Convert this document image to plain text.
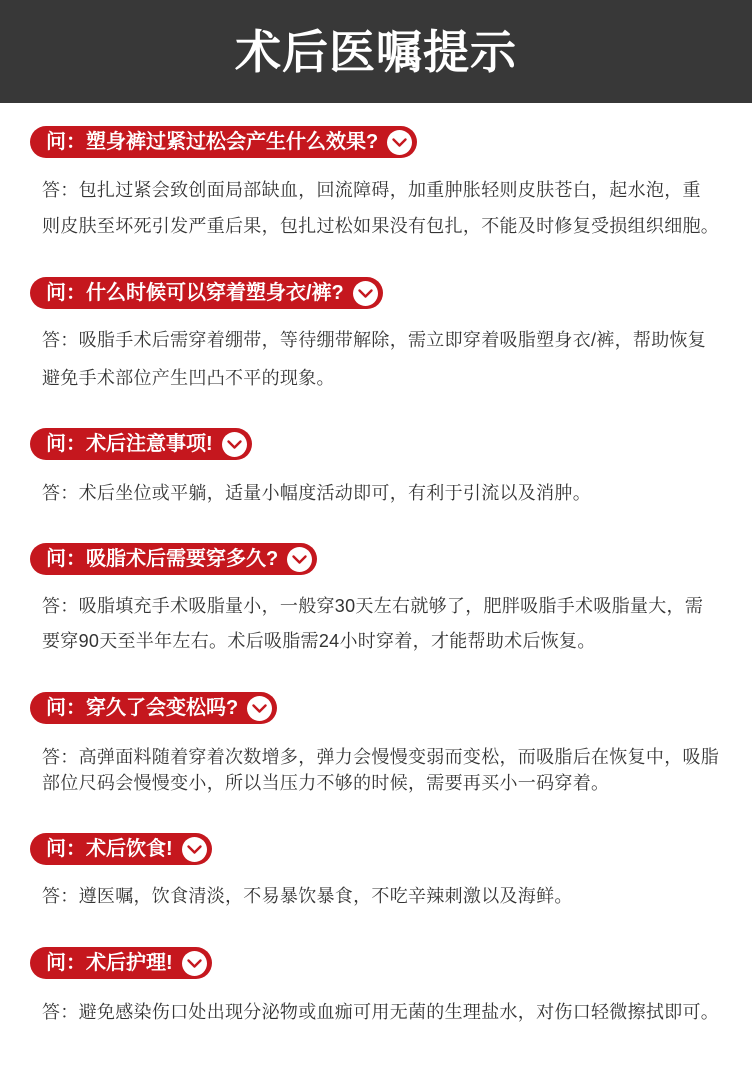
术后医嘱提示
问：塑身裤过紧过松会产生什么效果?
答：包扎过紧会致创面局部缺血，回流障碍，加重肿胀轻则皮肤苍白，起水泡，重
则皮肤至坏死引发严重后果，包扎过松如果没有包扎，不能及时修复受损组织细胞。
问：什么时候可以穿着塑身衣/裤?
答：吸脂手术后需穿着绷带，等待绷带解除，需立即穿着吸脂塑身衣/裤，帮助恢复
避免手术部位产生凹凸不平的现象。
问：术后注意事项!
答：术后坐位或平躺，适量小幅度活动即可，有利于引流以及消肿。
问：吸脂术后需要穿多久?
答：吸脂填充手术吸脂量小，一般穿30天左右就够了，肥胖吸脂手术吸脂量大，需
要穿90天至半年左右。术后吸脂需24小时穿着，才能帮助术后恢复。
问：穿久了会变松吗?
答：高弹面料随着穿着次数增多，弹力会慢慢变弱而变松，而吸脂后在恢复中，吸脂
部位尺码会慢慢变小，所以当压力不够的时候，需要再买小一码穿着。
问：术后饮食!
答：遵医嘱，饮食清淡，不易暴饮暴食，不吃辛辣刺激以及海鲜。
问：术后护理!
答：避免感染伤口处出现分泌物或血痂可用无菌的生理盐水，对伤口轻微擦拭即可。
